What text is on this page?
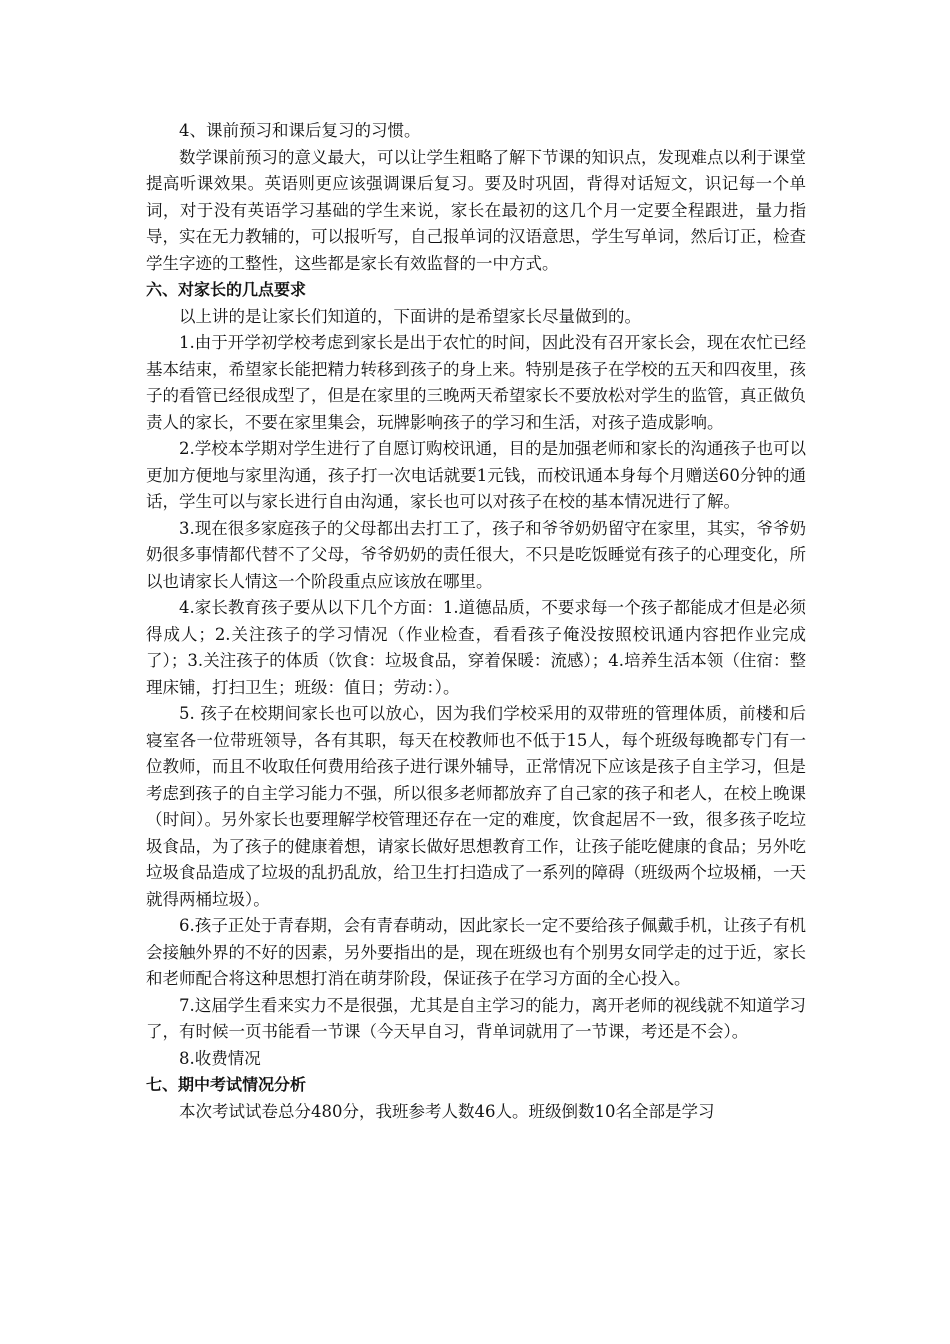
4、课前预习和课后复习的习惯。

数学课前预习的意义最大，可以让学生粗略了解下节课的知识点，发现难点以利于课堂提高听课效果。英语则更应该强调课后复习。要及时巩固，背得对话短文，识记每一个单词，对于没有英语学习基础的学生来说，家长在最初的这几个月一定要全程跟进，量力指导，实在无力教辅的，可以报听写，自己报单词的汉语意思，学生写单词，然后订正，检查学生字迹的工整性，这些都是家长有效监督的一中方式。

六、对家长的几点要求

以上讲的是让家长们知道的，下面讲的是希望家长尽量做到的。

1.由于开学初学校考虑到家长是出于农忙的时间，因此没有召开家长会，现在农忙已经基本结束，希望家长能把精力转移到孩子的身上来。特别是孩子在学校的五天和四夜里，孩子的看管已经很成型了，但是在家里的三晚两天希望家长不要放松对学生的监管，真正做负责人的家长，不要在家里集会，玩牌影响孩子的学习和生活，对孩子造成影响。

2.学校本学期对学生进行了自愿订购校讯通，目的是加强老师和家长的沟通孩子也可以更加方便地与家里沟通，孩子打一次电话就要1元钱，而校讯通本身每个月赠送60分钟的通话，学生可以与家长进行自由沟通，家长也可以对孩子在校的基本情况进行了解。

3.现在很多家庭孩子的父母都出去打工了，孩子和爷爷奶奶留守在家里，其实，爷爷奶奶很多事情都代替不了父母，爷爷奶奶的责任很大，不只是吃饭睡觉有孩子的心理变化，所以也请家长人情这一个阶段重点应该放在哪里。

4.家长教育孩子要从以下几个方面：1.道德品质，不要求每一个孩子都能成才但是必须得成人；2.关注孩子的学习情况（作业检查，看看孩子俺没按照校讯通内容把作业完成了）；3.关注孩子的体质（饮食：垃圾食品，穿着保暖：流感）；4.培养生活本领（住宿：整理床铺，打扫卫生；班级：值日；劳动：）。

5. 孩子在校期间家长也可以放心，因为我们学校采用的双带班的管理体质，前楼和后寝室各一位带班领导，各有其职，每天在校教师也不低于15人，每个班级每晚都专门有一位教师，而且不收取任何费用给孩子进行课外辅导，正常情况下应该是孩子自主学习，但是考虑到孩子的自主学习能力不强，所以很多老师都放弃了自己家的孩子和老人，在校上晚课（时间）。另外家长也要理解学校管理还存在一定的难度，饮食起居不一致，很多孩子吃垃圾食品，为了孩子的健康着想，请家长做好思想教育工作，让孩子能吃健康的食品；另外吃垃圾食品造成了垃圾的乱扔乱放，给卫生打扫造成了一系列的障碍（班级两个垃圾桶，一天就得两桶垃圾）。

6.孩子正处于青春期，会有青春萌动，因此家长一定不要给孩子佩戴手机，让孩子有机会接触外界的不好的因素，另外要指出的是，现在班级也有个别男女同学走的过于近，家长和老师配合将这种思想打消在萌芽阶段，保证孩子在学习方面的全心投入。

7.这届学生看来实力不是很强，尤其是自主学习的能力，离开老师的视线就不知道学习了，有时候一页书能看一节课（今天早自习，背单词就用了一节课，考还是不会）。

8.收费情况

七、期中考试情况分析

本次考试试卷总分480分，我班参考人数46人。班级倒数10名全部是学习
